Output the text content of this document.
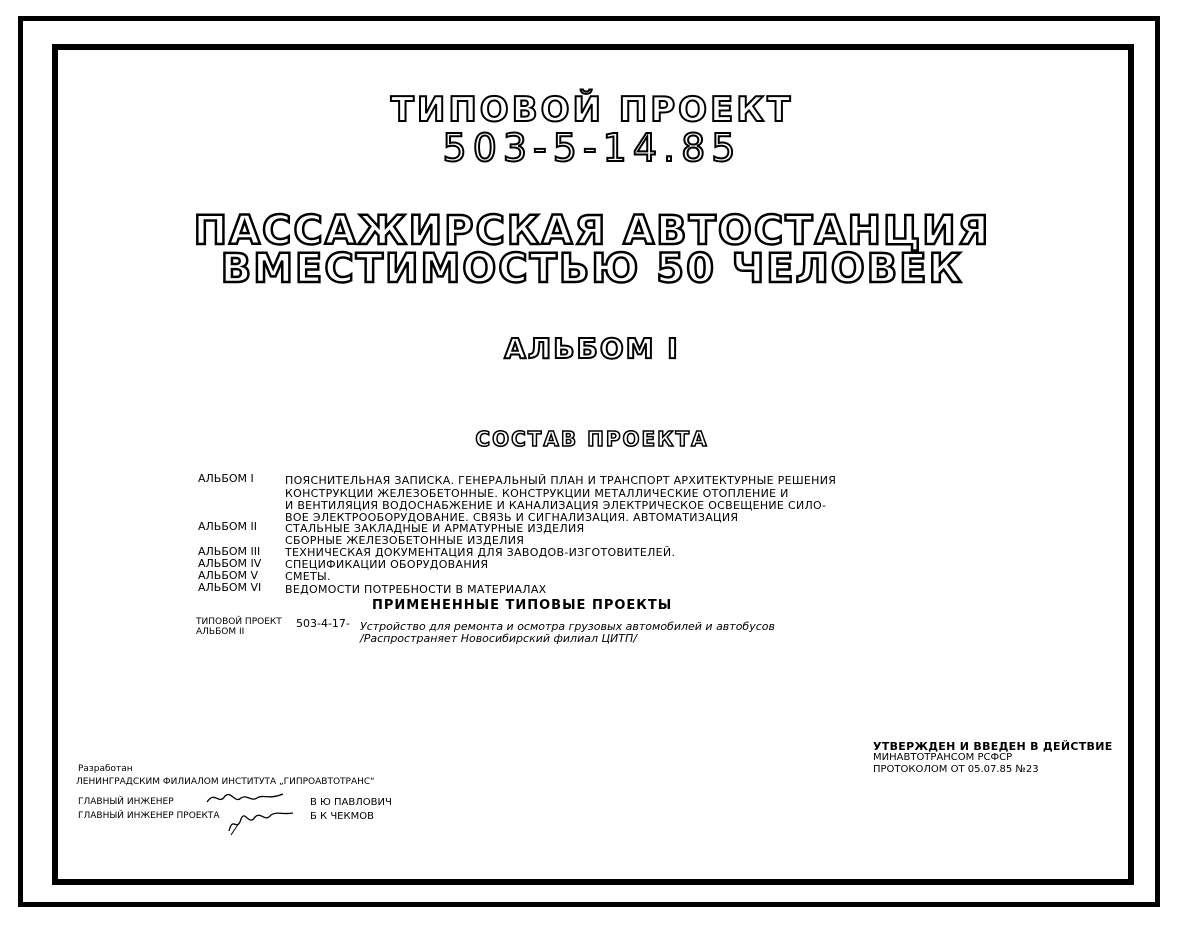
ТИПОВОЙ ПРОЕКТ
503-5-14.85
ПАССАЖИРСКАЯ АВТОСТАНЦИЯ
ВМЕСТИМОСТЬЮ 50 ЧЕЛОВЕК
АЛЬБОМ I
СОСТАВ ПРОЕКТА
АЛЬБОМ I	ПОЯСНИТЕЛЬНАЯ ЗАПИСКА. ГЕНЕРАЛЬНЫЙ ПЛАН И ТРАНСПОРТ АРХИТЕКТУРНЫЕ РЕШЕНИЯ
КОНСТРУКЦИИ ЖЕЛЕЗОБЕТОННЫЕ. КОНСТРУКЦИИ МЕТАЛЛИЧЕСКИЕ ОТОПЛЕНИЕ И
И ВЕНТИЛЯЦИЯ ВОДОСНАБЖЕНИЕ И КАНАЛИЗАЦИЯ ЭЛЕКТРИЧЕСКОЕ ОСВЕЩЕНИЕ СИЛО-
ВОЕ ЭЛЕКТРООБОРУДОВАНИЕ. СВЯЗЬ И СИГНАЛИЗАЦИЯ. АВТОМАТИЗАЦИЯ
АЛЬБОМ II	СТАЛЬНЫЕ ЗАКЛАДНЫЕ И АРМАТУРНЫЕ ИЗДЕЛИЯ
СБОРНЫЕ ЖЕЛЕЗОБЕТОННЫЕ ИЗДЕЛИЯ
АЛЬБОМ III ТЕХНИЧЕСКАЯ ДОКУМЕНТАЦИЯ ДЛЯ ЗАВОДОВ-ИЗГОТОВИТЕЛЕЙ.
АЛЬБОМ IV СПЕЦИФИКАЦИИ ОБОРУДОВАНИЯ
АЛЬБОМ V СМЕТЫ.
АЛЬБОМ VI ВЕДОМОСТИ ПОТРЕБНОСТИ В МАТЕРИАЛАХ
ПРИМЕНЕННЫЕ ТИПОВЫЕ ПРОЕКТЫ
ТИПОВОЙ ПРОЕКТ
АЛЬБОМ II
503-4-17- Устройство для ремонта и осмотра грузовых автомобилей и автобусов
/Распространяет Новосибирский филиал ЦИТП/
УТВЕРЖДЕН И ВВЕДЕН В ДЕЙСТВИЕ
МИНАВТОТРАНСОМ РСФСР
ПРОТОКОЛОМ ОТ 05.07.85 №23
Разработан
ЛЕНИНГРАДСКИМ ФИЛИАЛОМ ИНСТИТУТА „ГИПРОАВТОТРАНС"
ГЛАВНЫЙ ИНЖЕНЕР	В Ю ПАВЛОВИЧ
ГЛАВНЫЙ ИНЖЕНЕР ПРОЕКТА	Б К ЧЕКМОВ
